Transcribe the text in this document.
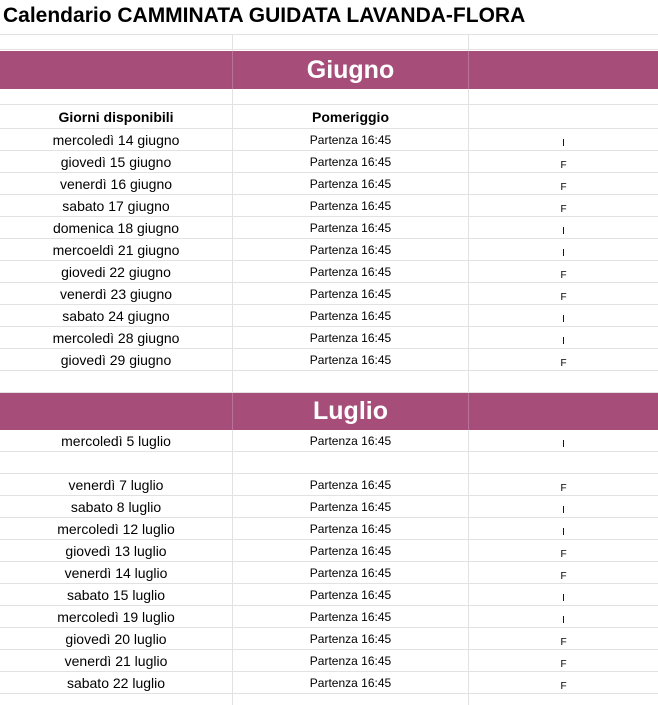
Calendario CAMMINATA GUIDATA LAVANDA-FLORA
Giugno
Giorni disponibili	Pomeriggio
mercoledì 14 giugno	Partenza 16:45	I
giovedì 15 giugno	Partenza 16:45	F
venerdì 16 giugno	Partenza 16:45	F
sabato 17 giugno	Partenza 16:45	F
domenica 18 giugno	Partenza 16:45	I
mercoeldì 21 giugno	Partenza 16:45	I
giovedi 22 giugno	Partenza 16:45	F
venerdì 23 giugno	Partenza 16:45	F
sabato 24 giugno	Partenza 16:45	I
mercoledì 28 giugno	Partenza 16:45	I
giovedì 29 giugno	Partenza 16:45	F
Luglio
mercoledì 5 luglio	Partenza 16:45	I
venerdì 7 luglio	Partenza 16:45	F
sabato 8 luglio	Partenza 16:45	I
mercoledì 12 luglio	Partenza 16:45	I
giovedì 13 luglio	Partenza 16:45	F
venerdì 14 luglio	Partenza 16:45	F
sabato 15 luglio	Partenza 16:45	I
mercoledì 19 luglio	Partenza 16:45	I
giovedì 20 luglio	Partenza 16:45	F
venerdì 21 luglio	Partenza 16:45	F
sabato 22 luglio	Partenza 16:45	F
